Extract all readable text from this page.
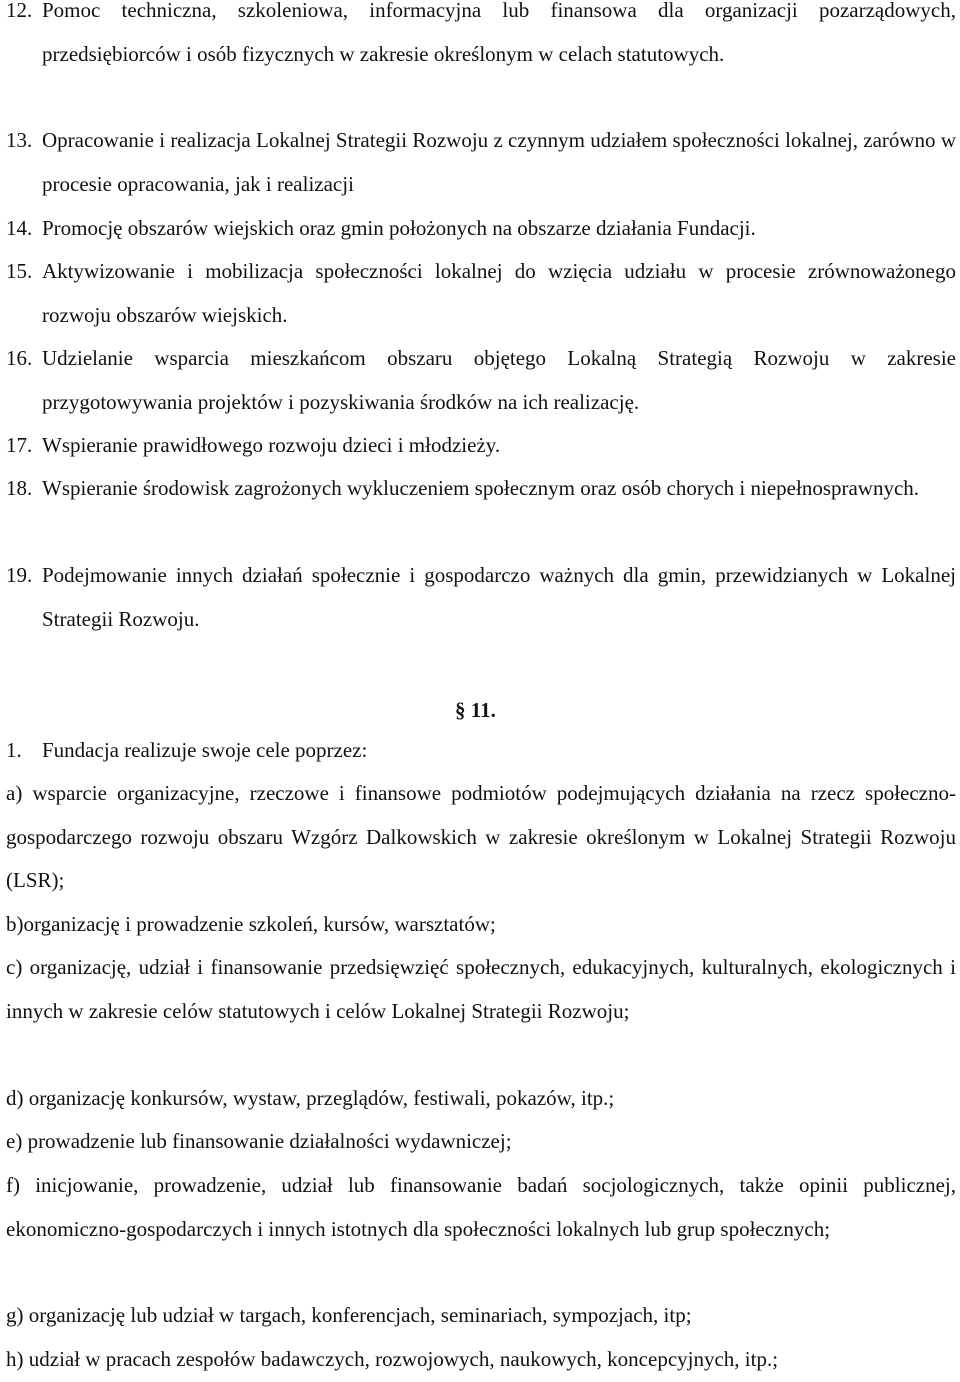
12. Pomoc techniczna, szkoleniowa, informacyjna lub finansowa dla organizacji pozarządowych, przedsiębiorców i osób fizycznych w zakresie określonym w celach statutowych.
13. Opracowanie i realizacja Lokalnej Strategii Rozwoju z czynnym udziałem społeczności lokalnej, zarówno w procesie opracowania, jak i realizacji
14. Promocję obszarów wiejskich oraz gmin położonych na obszarze działania Fundacji.
15. Aktywizowanie i mobilizacja społeczności lokalnej do wzięcia udziału w procesie zrównoważonego rozwoju obszarów wiejskich.
16. Udzielanie wsparcia mieszkańcom obszaru objętego Lokalną Strategią Rozwoju w zakresie przygotowywania projektów i pozyskiwania środków na ich realizację.
17. Wspieranie prawidłowego rozwoju dzieci i młodzieży.
18. Wspieranie środowisk zagrożonych wykluczeniem społecznym oraz osób chorych i niepełnosprawnych.
19. Podejmowanie innych działań społecznie i gospodarczo ważnych dla gmin, przewidzianych w Lokalnej Strategii Rozwoju.
§ 11.
1. Fundacja realizuje swoje cele poprzez:
a) wsparcie organizacyjne, rzeczowe i finansowe podmiotów podejmujących działania na rzecz społeczno-gospodarczego rozwoju obszaru Wzgórz Dalkowskich w zakresie określonym w Lokalnej Strategii Rozwoju (LSR);
b)organizację i prowadzenie szkoleń, kursów, warsztatów;
c) organizację, udział i finansowanie przedsięwzięć społecznych, edukacyjnych, kulturalnych, ekologicznych i innych w zakresie celów statutowych i celów Lokalnej Strategii Rozwoju;
d) organizację konkursów, wystaw, przeglądów, festiwali, pokazów, itp.;
e) prowadzenie lub finansowanie działalności wydawniczej;
f) inicjowanie, prowadzenie, udział lub finansowanie badań socjologicznych, także opinii publicznej, ekonomiczno-gospodarczych i innych istotnych dla społeczności lokalnych lub grup społecznych;
g) organizację lub udział w targach, konferencjach, seminariach, sympozjach, itp;
h) udział w pracach zespołów badawczych, rozwojowych, naukowych, koncepcyjnych, itp.;
